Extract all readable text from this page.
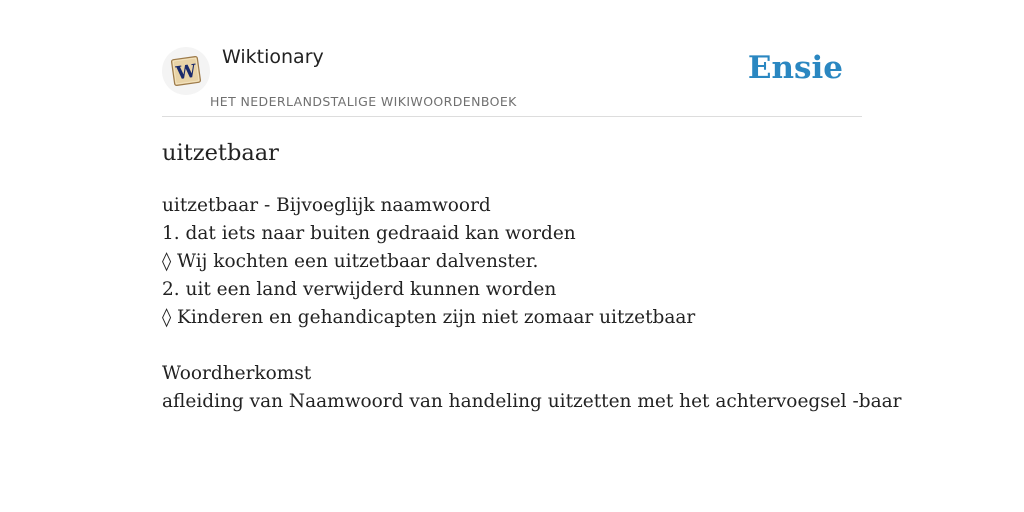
W
Wiktionary
HET NEDERLANDSTALIGE WIKIWOORDENBOEK
Ensie
uitzetbaar
uitzetbaar - Bijvoeglijk naamwoord
1. dat iets naar buiten gedraaid kan worden
◊ Wij kochten een uitzetbaar dalvenster.
2. uit een land verwijderd kunnen worden
◊ Kinderen en gehandicapten zijn niet zomaar uitzetbaar
Woordherkomst
afleiding van Naamwoord van handeling uitzetten met het achtervoegsel -baar
